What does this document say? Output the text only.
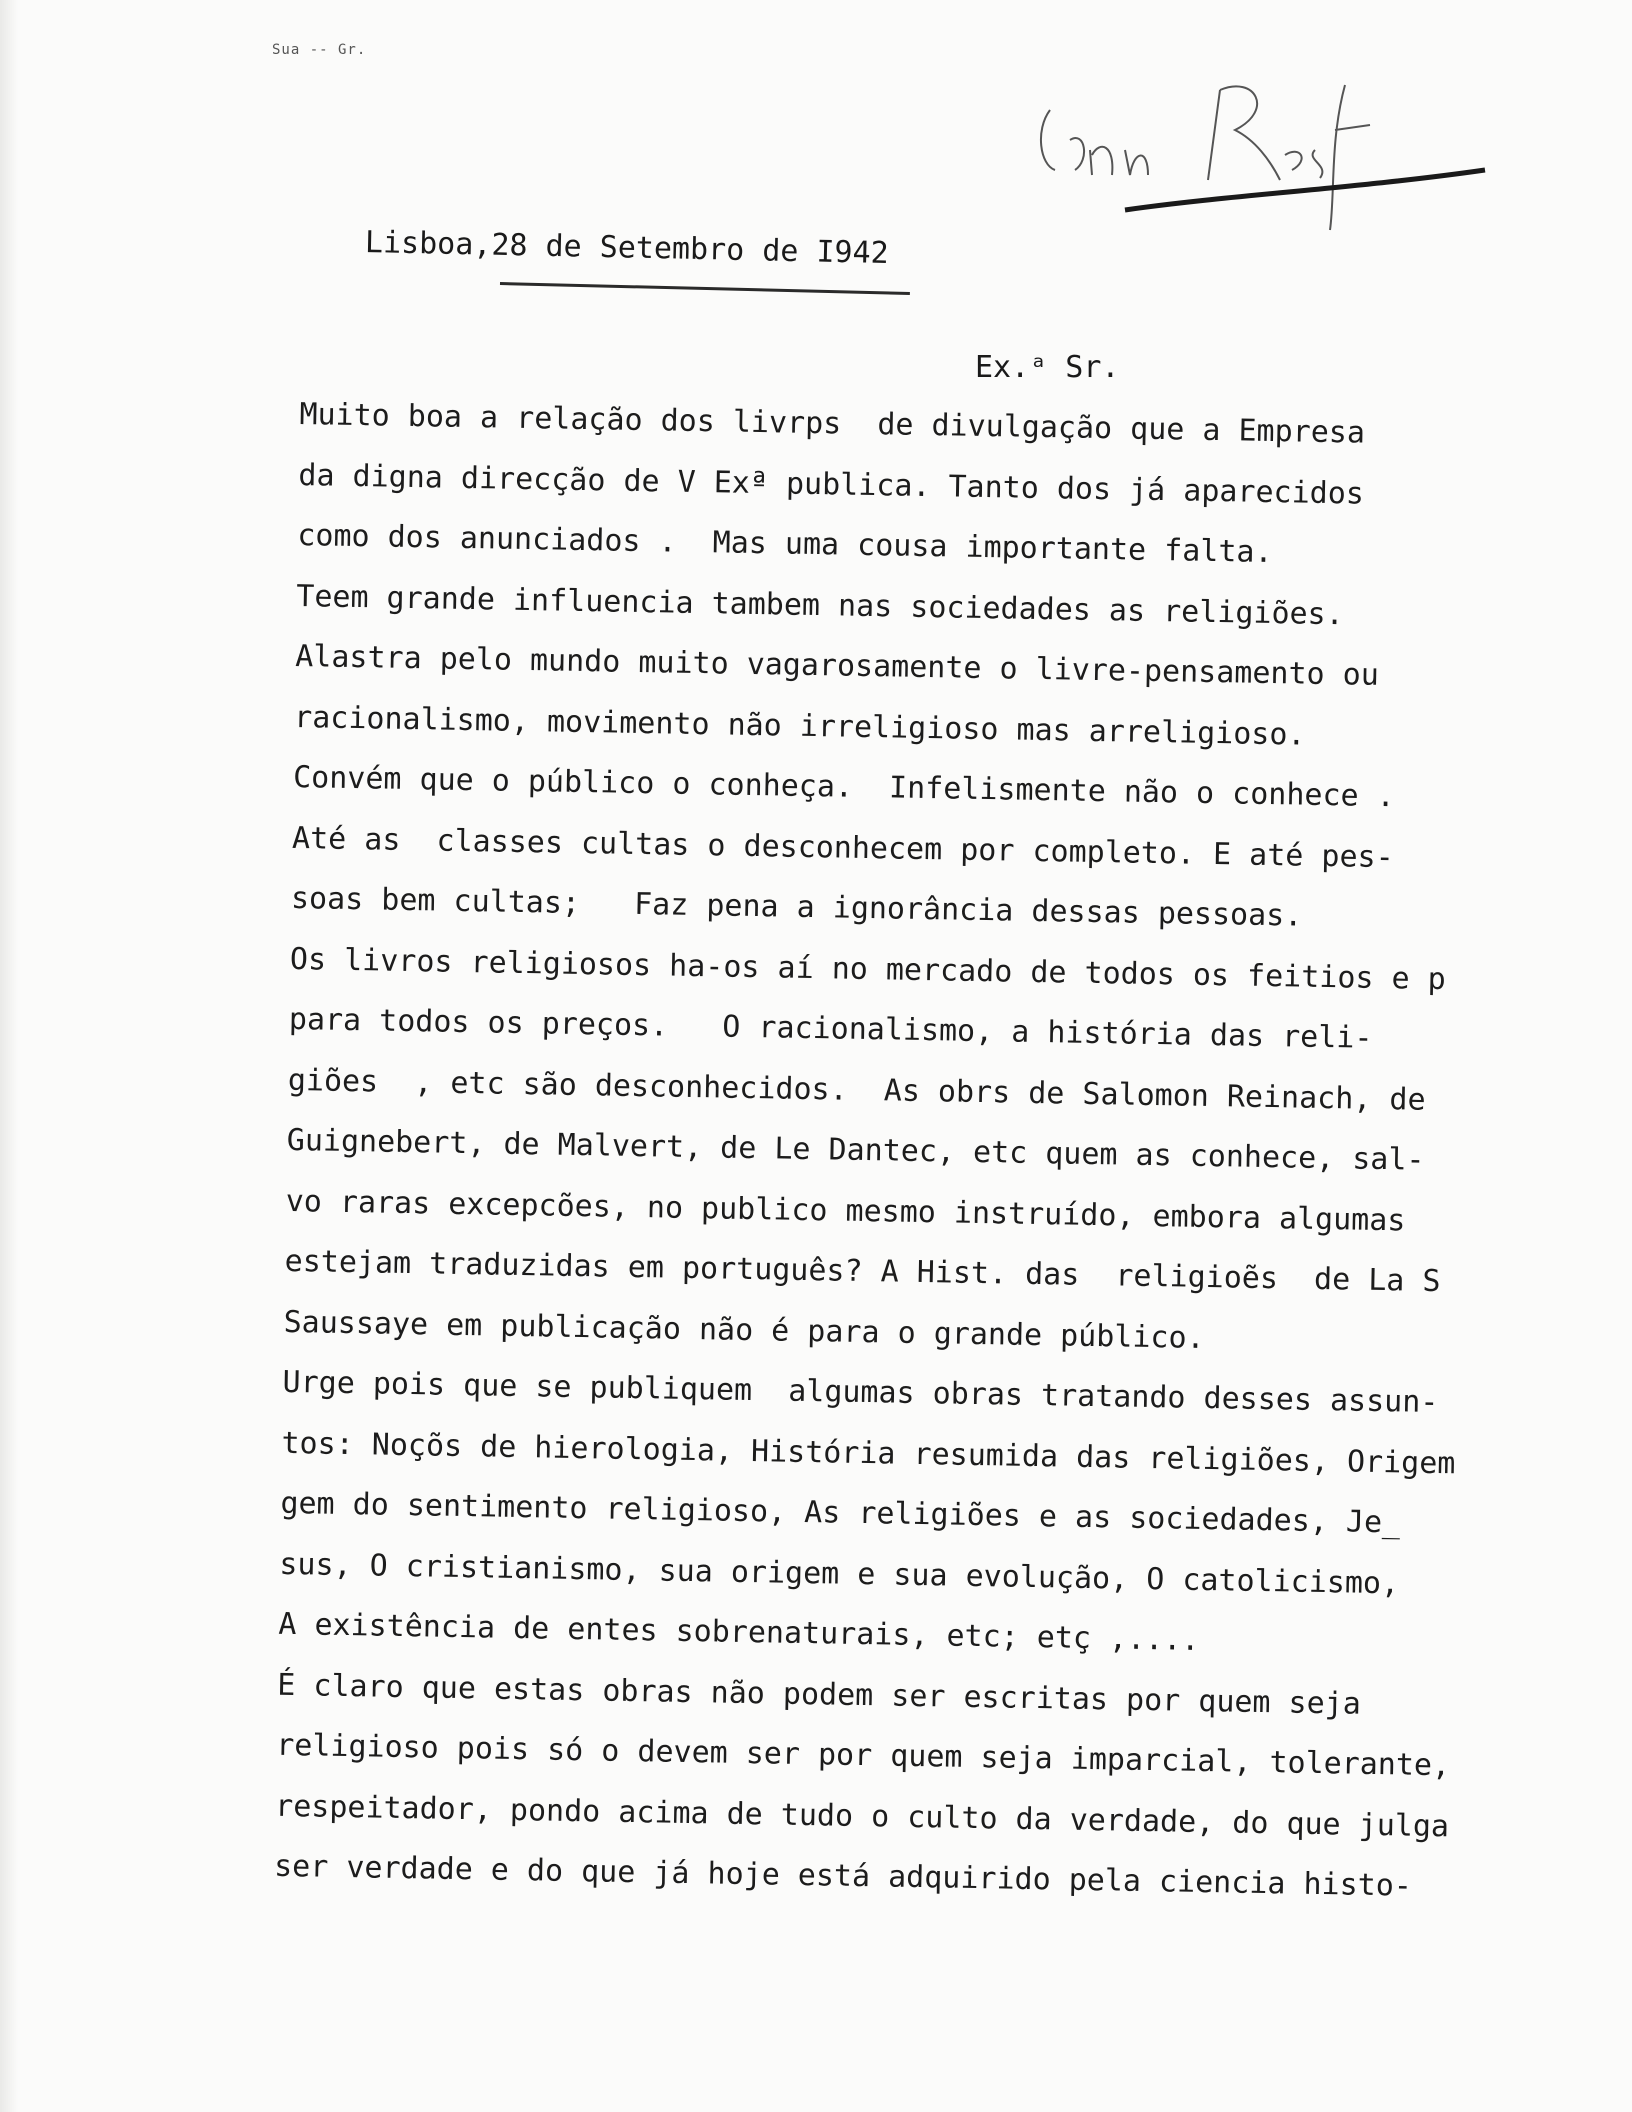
Sua -- Gr.
Lisboa,28 de Setembro de I942
Ex.ᵃ Sr.
Muito boa a relação dos livrps  de divulgação que a Empresa
da digna direcção de V Exª publica. Tanto dos já aparecidos
como dos anunciados .  Mas uma cousa importante falta.
Teem grande influencia tambem nas sociedades as religiões.
Alastra pelo mundo muito vagarosamente o livre-pensamento ou
racionalismo, movimento não irreligioso mas arreligioso.
Convém que o público o conheça.  Infelismente não o conhece .
Até as  classes cultas o desconhecem por completo. E até pes-
soas bem cultas;   Faz pena a ignorância dessas pessoas.
Os livros religiosos ha-os aí no mercado de todos os feitios e p
para todos os preços.   O racionalismo, a história das reli-
giões  , etc são desconhecidos.  As obrs de Salomon Reinach, de
Guignebert, de Malvert, de Le Dantec, etc quem as conhece, sal-
vo raras excepcões, no publico mesmo instruído, embora algumas
estejam traduzidas em português? A Hist. das  religioẽs  de La S
Saussaye em publicação não é para o grande público.
Urge pois que se publiquem  algumas obras tratando desses assun-
tos: Noçõs de hierologia, História resumida das religiões, Origem
gem do sentimento religioso, As religiões e as sociedades, Je_
sus, O cristianismo, sua origem e sua evolução, O catolicismo,
A existência de entes sobrenaturais, etc; etç ,....
É claro que estas obras não podem ser escritas por quem seja
religioso pois só o devem ser por quem seja imparcial, tolerante,
respeitador, pondo acima de tudo o culto da verdade, do que julga
ser verdade e do que já hoje está adquirido pela ciencia histo-
